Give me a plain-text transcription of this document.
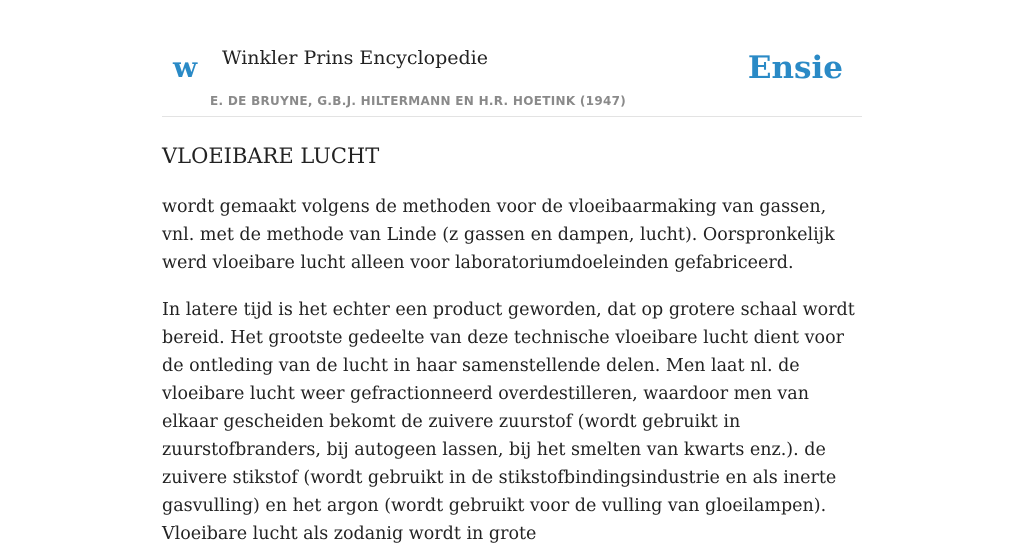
w Winkler Prins Encyclopedie
E. DE BRUYNE, G.B.J. HILTERMANN EN H.R. HOETINK (1947)
Ensie
VLOEIBARE LUCHT

wordt gemaakt volgens de methoden voor de vloeibaarmaking van gassen, vnl. met de methode van Linde (z gassen en dampen, lucht). Oorspronkelijk werd vloeibare lucht alleen voor laboratoriumdoeleinden gefabriceerd.

In latere tijd is het echter een product geworden, dat op grotere schaal wordt bereid. Het grootste gedeelte van deze technische vloeibare lucht dient voor de ontleding van de lucht in haar samenstellende delen. Men laat nl. de vloeibare lucht weer gefractionneerd overdestilleren, waardoor men van elkaar gescheiden bekomt de zuivere zuurstof (wordt gebruikt in zuurstofbranders, bij autogeen lassen, bij het smelten van kwarts enz.). de zuivere stikstof (wordt gebruikt in de stikstofbindingsindustrie en als inerte gasvulling) en het argon (wordt gebruikt voor de vulling van gloeilampen). Vloeibare lucht als zodanig wordt in grote
